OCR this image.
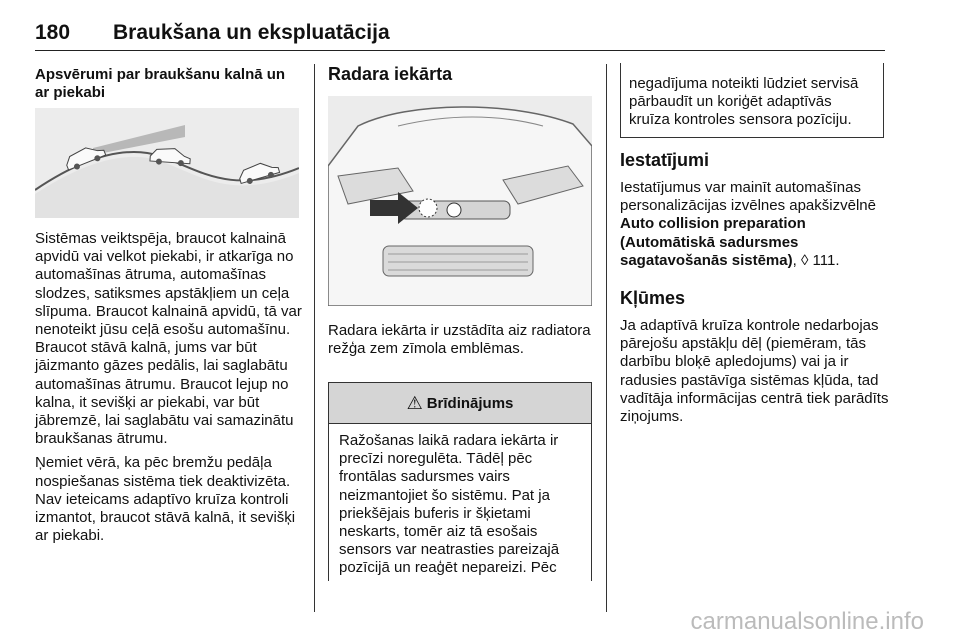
180 Braukšana un ekspluatācija

Apsvērumi par braukšanu kalnā un ar piekabi

Sistēmas veiktspēja, braucot kalnainā apvidū vai velkot piekabi, ir atkarīga no automašīnas ātruma, automašīnas slodzes, satiksmes apstākļiem un ceļa slīpuma. Braucot kalnainā apvidū, tā var nenoteikt jūsu ceļā esošu automašīnu. Braucot stāvā kalnā, jums var būt jāizmanto gāzes pedālis, lai saglabātu automašīnas ātrumu. Braucot lejup no kalna, it sevišķi ar piekabi, var būt jābremzē, lai saglabātu vai samazinātu braukšanas ātrumu.

Ņemiet vērā, ka pēc bremžu pedāļa nospiešanas sistēma tiek deaktivizēta. Nav ieteicams adaptīvo kruīza kontroli izmantot, braucot stāvā kalnā, it sevišķi ar piekabi.

Radara iekārta

Radara iekārta ir uzstādīta aiz radiatora režģa zem zīmola emblēmas.

⚠ Brīdinājums

Ražošanas laikā radara iekārta ir precīzi noregulēta. Tādēļ pēc frontālas sadursmes vairs neizmantojiet šo sistēmu. Pat ja priekšējais buferis ir šķietami neskarts, tomēr aiz tā esošais sensors var neatrasties pareizajā pozīcijā un reaģēt nepareizi. Pēc

negadījuma noteikti lūdziet servisā pārbaudīt un koriģēt adaptīvās kruīza kontroles sensora pozīciju.

Iestatījumi

Iestatījumus var mainīt automašīnas personalizācijas izvēlnes apakšizvēlnē Auto collision preparation (Automātiskā sadursmes sagatavošanās sistēma), ◊ 111.

Kļūmes

Ja adaptīvā kruīza kontrole nedarbojas pārejošu apstākļu dēļ (piemēram, tās darbību bloķē apledojums) vai ja ir radusies pastāvīga sistēmas kļūda, tad vadītāja informācijas centrā tiek parādīts ziņojums.

carmanualsonline.info
